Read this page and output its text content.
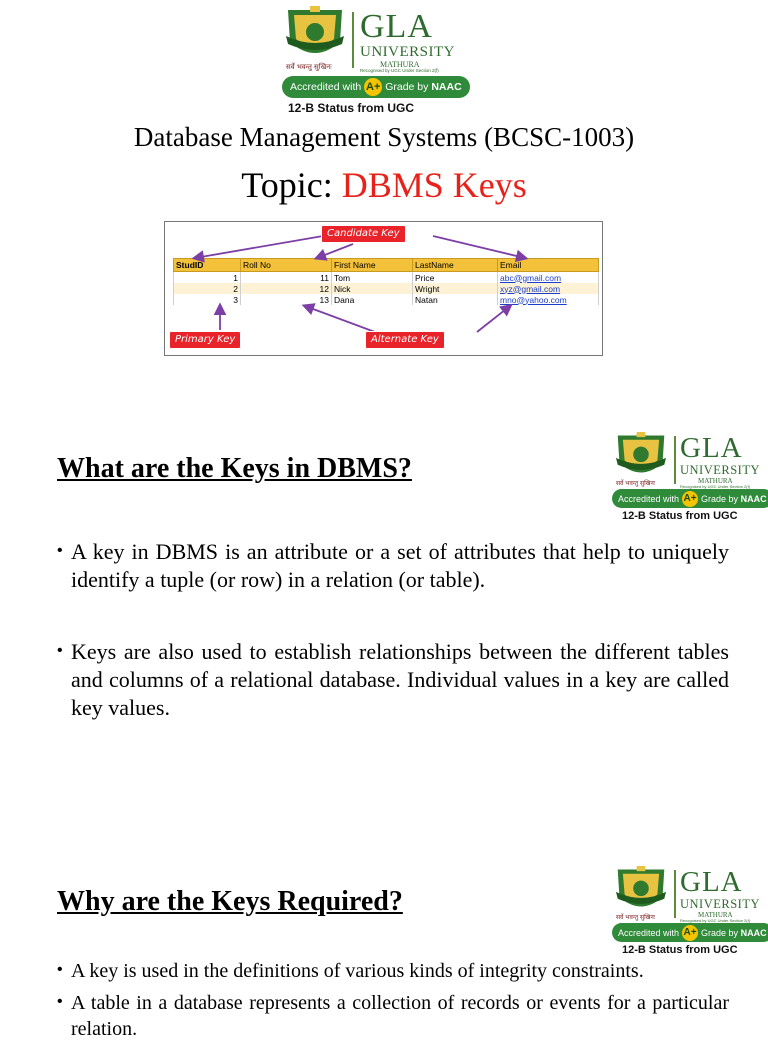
GLA
UNIVERSITY
MATHURA
Recognised by UGC Under Section 2(f)
सर्वे भवन्तु सुखिनः
Accredited with A+ Grade by
NAAC
12-B Status from UGC
Database Management Systems (BCSC-1003)
Topic: DBMS Keys
StudID	Roll No	First Name	LastName	Email
1	11	Tom	Price	abc@gmail.com
2	12	Nick	Wright	xyz@gmail.com
3	13	Dana	Natan	mno@yahoo.com
Candidate Key
Primary Key	Alternate Key
What are the Keys in DBMS?
GLA
UNIVERSITY
MATHURA
Recognised by UGC Under Section 2(f)
सर्वे भवन्तु सुखिनः
Accredited with A+ Grade by
NAAC
12-B Status from UGC
• A key in DBMS is an attribute or a set of attributes that help to uniquely identify a tuple (or row) in a relation (or table).
• Keys are also used to establish relationships between the different tables and columns of a relational database. Individual values in a key are called key values.
Why are the Keys Required?
GLA
UNIVERSITY
MATHURA
Recognised by UGC Under Section 2(f)
सर्वे भवन्तु सुखिनः
Accredited with A+ Grade by
NAAC
12-B Status from UGC
• A key is used in the definitions of various kinds of integrity constraints.
• A table in a database represents a collection of records or events for a particular relation.
